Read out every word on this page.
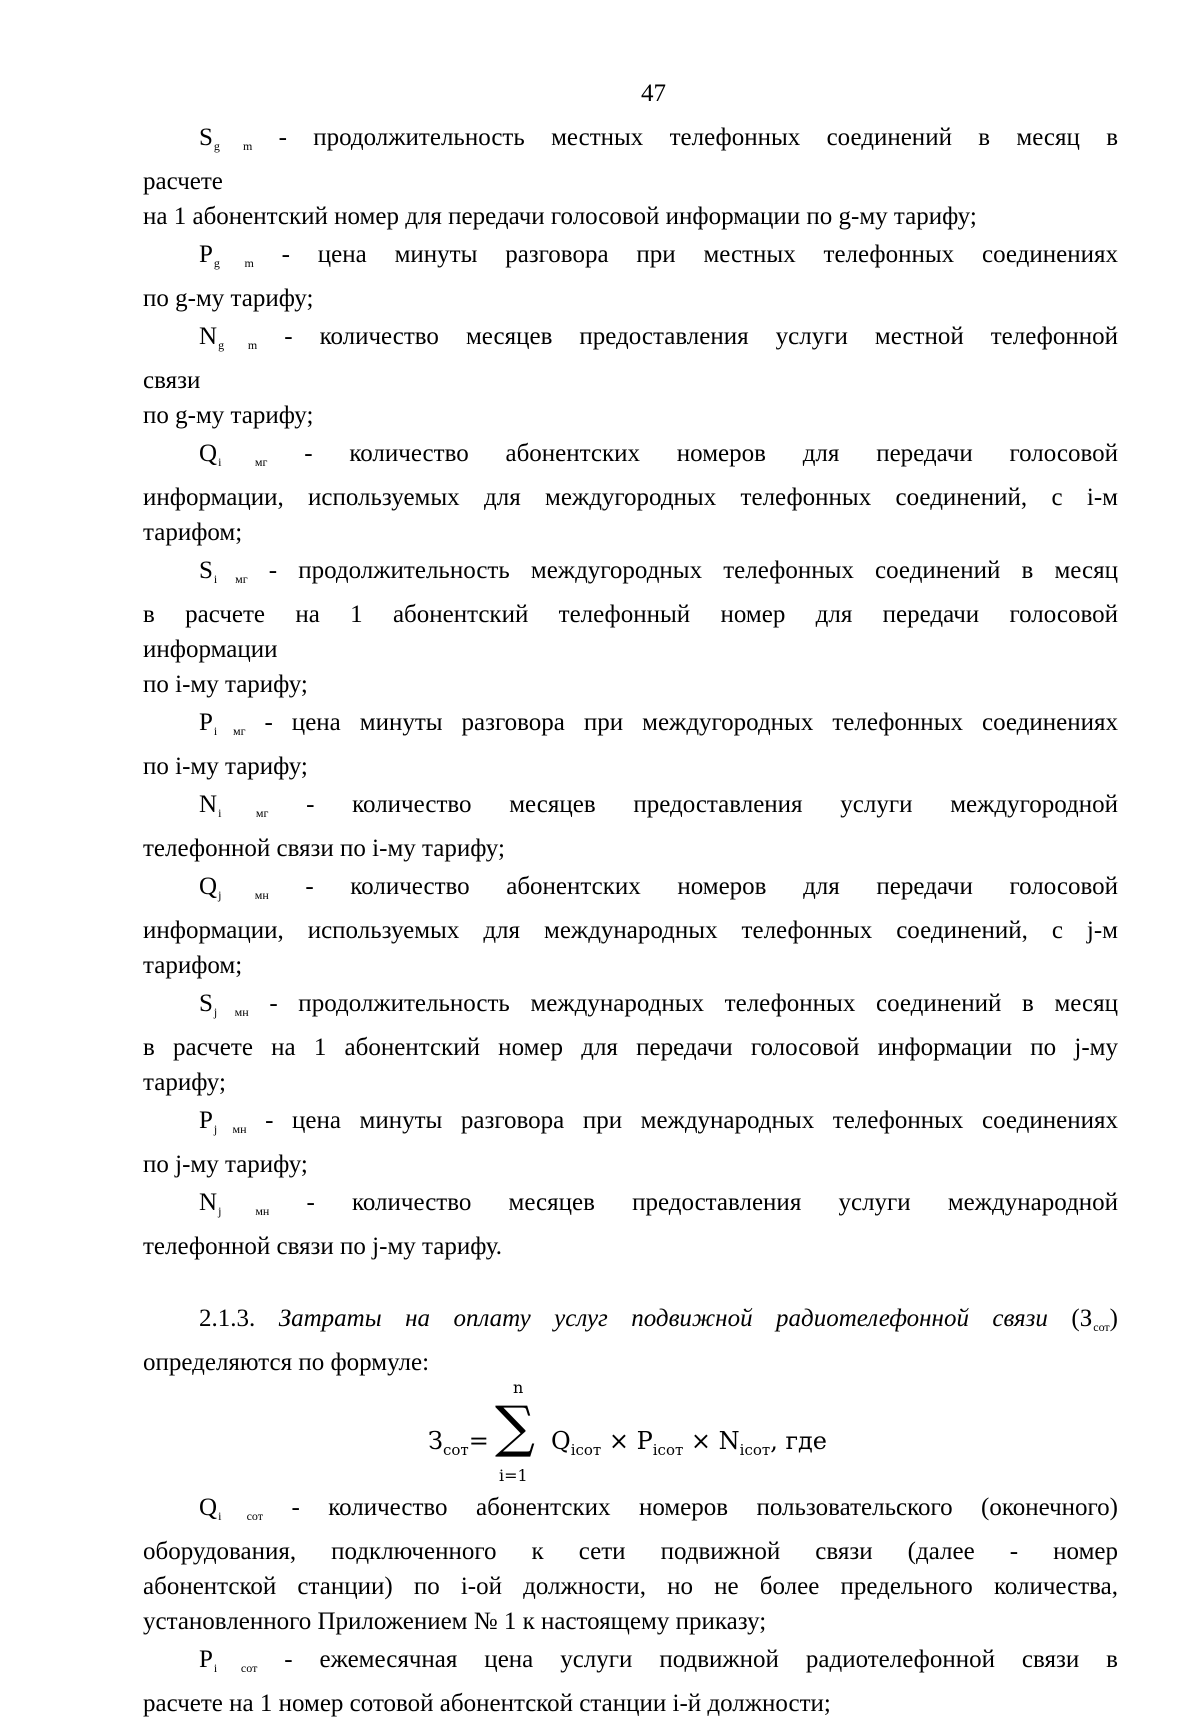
47

$S_{g m}$ - продолжительность местных телефонных соединений в месяц в

расчете

на 1 абонентский номер для передачи голосовой информации по g-му тарифу;

$P_{g m}$ - цена минуты разговора при местных телефонных соединениях

по g-му тарифу;

$N_{g m}$ - количество месяцев предоставления услуги местной телефонной

связи

по g-му тарифу;

$Q_{i мг}$ - количество абонентских номеров для передачи голосовой

информации, используемых для междугородных телефонных соединений, с i-м

тарифом;

$S_{i мг}$ - продолжительность междугородных телефонных соединений в месяц

в расчете на 1 абонентский телефонный номер для передачи голосовой

информации

по i-му тарифу;

$P_{i мг}$ - цена минуты разговора при междугородных телефонных соединениях

по i-му тарифу;

$N_{i мг}$ - количество месяцев предоставления услуги междугородной

телефонной связи по i-му тарифу;

$Q_{j мн}$ - количество абонентских номеров для передачи голосовой

информации, используемых для международных телефонных соединений, с j-м

тарифом;

$S_{j мн}$ - продолжительность международных телефонных соединений в месяц

в расчете на 1 абонентский номер для передачи голосовой информации по j-му

тарифу;

$P_{j мн}$ - цена минуты разговора при международных телефонных соединениях

по j-му тарифу;

$N_{j мн}$ - количество месяцев предоставления услуги международной

телефонной связи по j-му тарифу.

2.1.3. Затраты на оплату услуг подвижной радиотелефонной связи $(З_{сот})$

определяются по формуле:

$З_{сот}=$
n
∑
i=1
$Q_{iсот} \times P_{iсот} \times N_{iсот}$, где

$Q_{i сот}$ - количество абонентских номеров пользовательского (оконечного)

оборудования, подключенного к сети подвижной связи (далее - номер

абонентской станции) по i-ой должности, но не более предельного количества,

установленного Приложением № 1 к настоящему приказу;

$P_{i сот}$ - ежемесячная цена услуги подвижной радиотелефонной связи в

расчете на 1 номер сотовой абонентской станции i-й должности;
